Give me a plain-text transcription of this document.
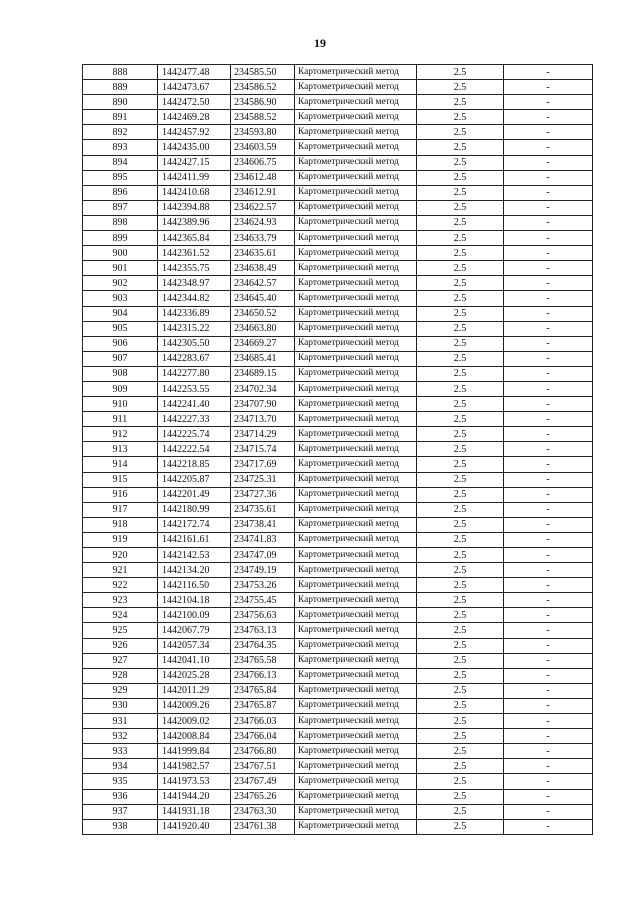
19
888	1442477.48	234585.50	Картометрический метод	2.5	-
889	1442473.67	234586.52	Картометрический метод	2.5	-
890	1442472.50	234586.90	Картометрический метод	2.5	-
891	1442469.28	234588.52	Картометрический метод	2.5	-
892	1442457.92	234593.80	Картометрический метод	2.5	-
893	1442435.00	234603.59	Картометрический метод	2.5	-
894	1442427.15	234606.75	Картометрический метод	2.5	-
895	1442411.99	234612.48	Картометрический метод	2.5	-
896	1442410.68	234612.91	Картометрический метод	2.5	-
897	1442394.88	234622.57	Картометрический метод	2.5	-
898	1442389.96	234624.93	Картометрический метод	2.5	-
899	1442365.84	234633.79	Картометрический метод	2.5	-
900	1442361.52	234635.61	Картометрический метод	2.5	-
901	1442355.75	234638.49	Картометрический метод	2.5	-
902	1442348.97	234642.57	Картометрический метод	2.5	-
903	1442344.82	234645.40	Картометрический метод	2.5	-
904	1442336.89	234650.52	Картометрический метод	2.5	-
905	1442315.22	234663.80	Картометрический метод	2.5	-
906	1442305.50	234669.27	Картометрический метод	2.5	-
907	1442283.67	234685.41	Картометрический метод	2.5	-
908	1442277.80	234689.15	Картометрический метод	2.5	-
909	1442253.55	234702.34	Картометрический метод	2.5	-
910	1442241.40	234707.90	Картометрический метод	2.5	-
911	1442227.33	234713.70	Картометрический метод	2.5	-
912	1442225.74	234714.29	Картометрический метод	2.5	-
913	1442222.54	234715.74	Картометрический метод	2.5	-
914	1442218.85	234717.69	Картометрический метод	2.5	-
915	1442205.87	234725.31	Картометрический метод	2.5	-
916	1442201.49	234727.36	Картометрический метод	2.5	-
917	1442180.99	234735.61	Картометрический метод	2.5	-
918	1442172.74	234738.41	Картометрический метод	2.5	-
919	1442161.61	234741.83	Картометрический метод	2.5	-
920	1442142.53	234747.09	Картометрический метод	2.5	-
921	1442134.20	234749.19	Картометрический метод	2.5	-
922	1442116.50	234753.26	Картометрический метод	2.5	-
923	1442104.18	234755.45	Картометрический метод	2.5	-
924	1442100.09	234756.63	Картометрический метод	2.5	-
925	1442067.79	234763.13	Картометрический метод	2.5	-
926	1442057.34	234764.35	Картометрический метод	2.5	-
927	1442041.10	234765.58	Картометрический метод	2.5	-
928	1442025.28	234766.13	Картометрический метод	2.5	-
929	1442011.29	234765.84	Картометрический метод	2.5	-
930	1442009.26	234765.87	Картометрический метод	2.5	-
931	1442009.02	234766.03	Картометрический метод	2.5	-
932	1442008.84	234766.04	Картометрический метод	2.5	-
933	1441999.84	234766.80	Картометрический метод	2.5	-
934	1441982.57	234767.51	Картометрический метод	2.5	-
935	1441973.53	234767.49	Картометрический метод	2.5	-
936	1441944.20	234765.26	Картометрический метод	2.5	-
937	1441931.18	234763.30	Картометрический метод	2.5	-
938	1441920.40	234761.38	Картометрический метод	2.5	-
